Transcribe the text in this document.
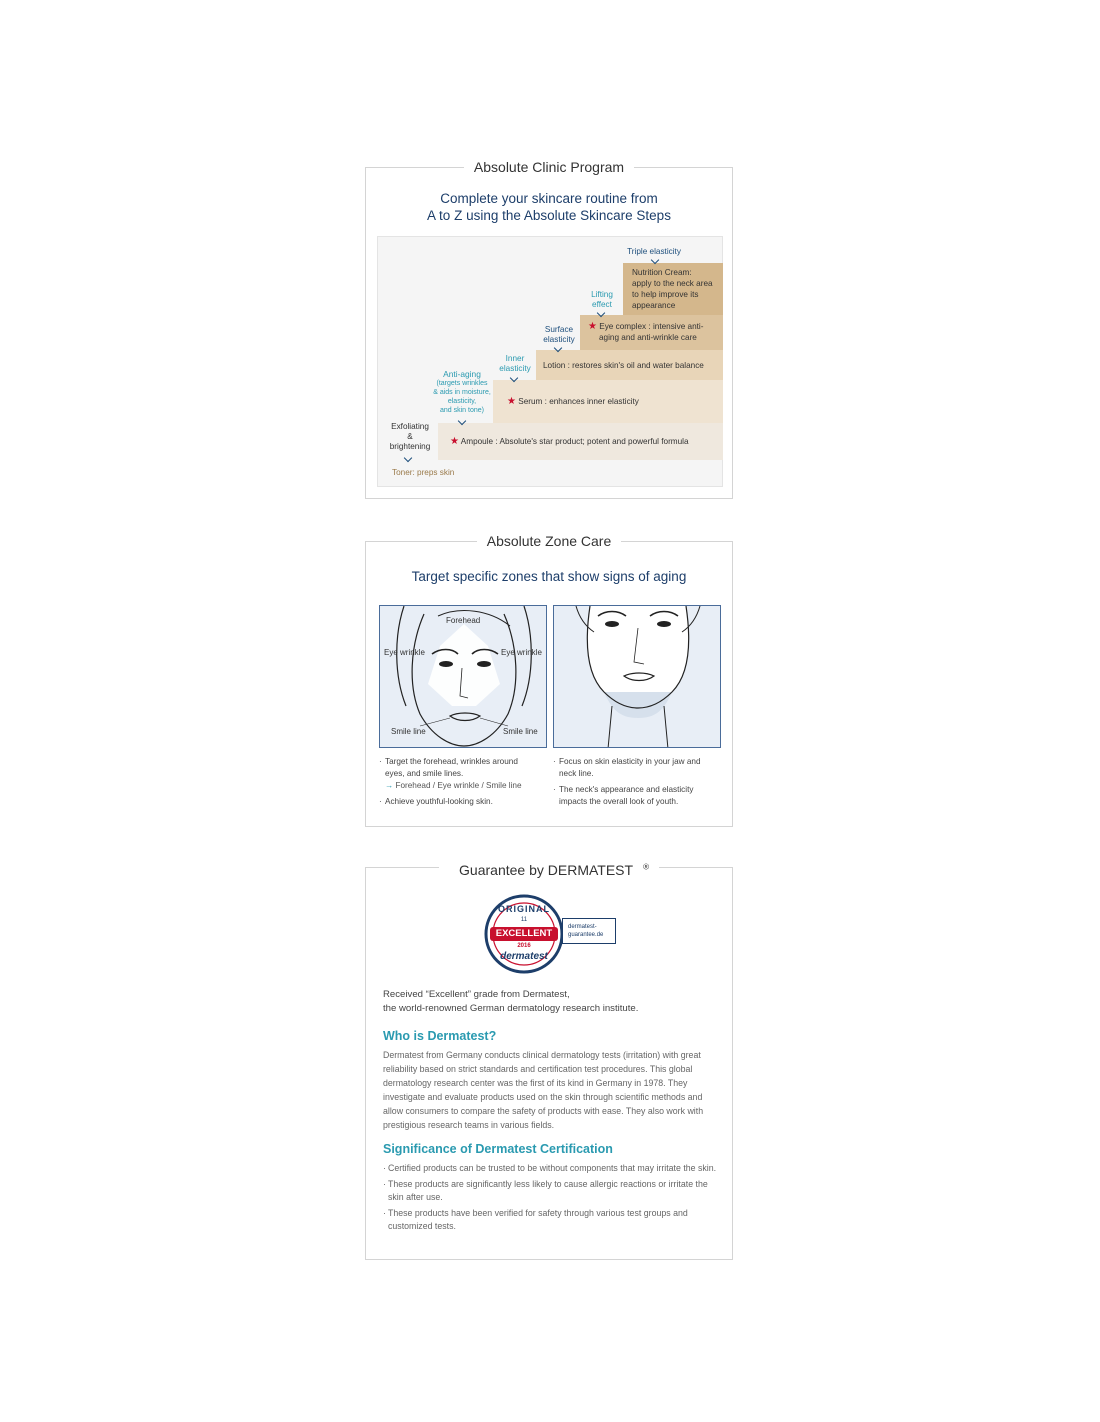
Absolute Clinic Program
Complete your skincare routine from
A to Z using the Absolute Skincare Steps
★ Ampoule : Absolute's star product; potent and powerful formula
★ Serum : enhances inner elasticity
Lotion : restores skin's oil and water balance
★ Eye complex : intensive anti-
aging and anti-wrinkle care
Nutrition Cream:
apply to the neck area
to help improve its
appearance
Toner: preps skin
Exfoliating
&
brightening
Anti-aging
(targets wrinkles
& aids in moisture,
elasticity,
and skin tone)
Inner
elasticity
Surface
elasticity
Lifting
effect
Triple elasticity
Absolute Zone Care
Target specific zones that show signs of aging
Forehead
Eye wrinkle	Eye wrinkle
Smile line	Smile line
· Target the forehead, wrinkles around
eyes, and smile lines.
→ Forehead / Eye wrinkle / Smile line
· Achieve youthful-looking skin.
· Focus on skin elasticity in your jaw and
neck line.
· The neck's appearance and elasticity
impacts the overall look of youth.
Guarantee by DERMATEST ®
ORIGINAL
11
EXCELLENT
2016
dermatest
dermatest-
guarantee.de
Received “Excellent” grade from Dermatest,
the world-renowned German dermatology research institute.
Who is Dermatest?
Dermatest from Germany conducts clinical dermatology tests (irritation) with great reliability based on strict standards and certification test procedures. This global dermatology research center was the first of its kind in Germany in 1978. They investigate and evaluate products used on the skin through scientific methods and allow consumers to compare the safety of products with ease. They also work with prestigious research teams in various fields.
Significance of Dermatest Certification
· Certified products can be trusted to be without components that may irritate the skin.
· These products are significantly less likely to cause allergic reactions or irritate the skin after use.
· These products have been verified for safety through various test groups and customized tests.
